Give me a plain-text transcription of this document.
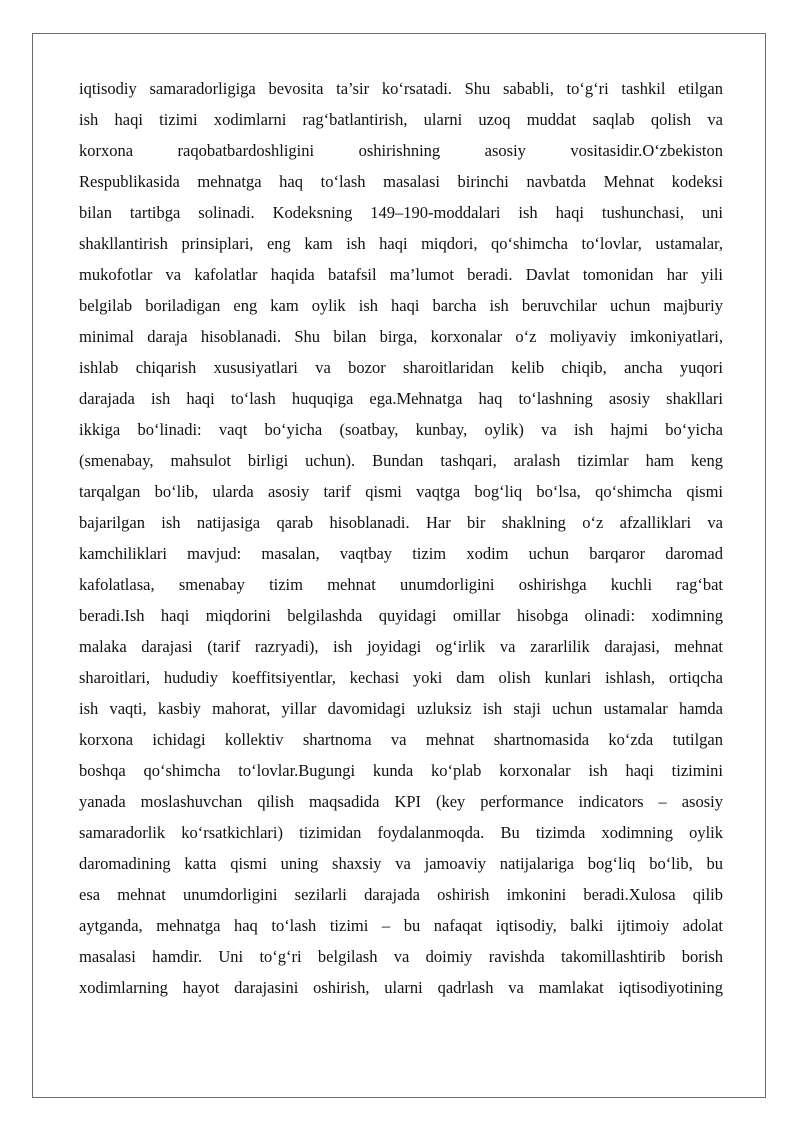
iqtisodiy samaradorligiga bevosita ta’sir ko‘rsatadi. Shu sababli, to‘g‘ri tashkil etilgan
ish haqi tizimi xodimlarni rag‘batlantirish, ularni uzoq muddat saqlab qolish va
korxona raqobatbardoshligini oshirishning asosiy vositasidir.O‘zbekiston
Respublikasida mehnatga haq to‘lash masalasi birinchi navbatda Mehnat kodeksi
bilan tartibga solinadi. Kodeksning 149–190-moddalari ish haqi tushunchasi, uni
shakllantirish prinsiplari, eng kam ish haqi miqdori, qo‘shimcha to‘lovlar, ustamalar,
mukofotlar va kafolatlar haqida batafsil ma’lumot beradi. Davlat tomonidan har yili
belgilab boriladigan eng kam oylik ish haqi barcha ish beruvchilar uchun majburiy
minimal daraja hisoblanadi. Shu bilan birga, korxonalar o‘z moliyaviy imkoniyatlari,
ishlab chiqarish xususiyatlari va bozor sharoitlaridan kelib chiqib, ancha yuqori
darajada ish haqi to‘lash huquqiga ega.Mehnatga haq to‘lashning asosiy shakllari
ikkiga bo‘linadi: vaqt bo‘yicha (soatbay, kunbay, oylik) va ish hajmi bo‘yicha
(smenabay, mahsulot birligi uchun). Bundan tashqari, aralash tizimlar ham keng
tarqalgan bo‘lib, ularda asosiy tarif qismi vaqtga bog‘liq bo‘lsa, qo‘shimcha qismi
bajarilgan ish natijasiga qarab hisoblanadi. Har bir shaklning o‘z afzalliklari va
kamchiliklari mavjud: masalan, vaqtbay tizim xodim uchun barqaror daromad
kafolatlasa, smenabay tizim mehnat unumdorligini oshirishga kuchli rag‘bat
beradi.Ish haqi miqdorini belgilashda quyidagi omillar hisobga olinadi: xodimning
malaka darajasi (tarif razryadi), ish joyidagi og‘irlik va zararlilik darajasi, mehnat
sharoitlari, hududiy koeffitsiyentlar, kechasi yoki dam olish kunlari ishlash, ortiqcha
ish vaqti, kasbiy mahorat, yillar davomidagi uzluksiz ish staji uchun ustamalar hamda
korxona ichidagi kollektiv shartnoma va mehnat shartnomasida ko‘zda tutilgan
boshqa qo‘shimcha to‘lovlar.Bugungi kunda ko‘plab korxonalar ish haqi tizimini
yanada moslashuvchan qilish maqsadida KPI (key performance indicators – asosiy
samaradorlik ko‘rsatkichlari) tizimidan foydalanmoqda. Bu tizimda xodimning oylik
daromadining katta qismi uning shaxsiy va jamoaviy natijalariga bog‘liq bo‘lib, bu
esa mehnat unumdorligini sezilarli darajada oshirish imkonini beradi.Xulosa qilib
aytganda, mehnatga haq to‘lash tizimi – bu nafaqat iqtisodiy, balki ijtimoiy adolat
masalasi hamdir. Uni to‘g‘ri belgilash va doimiy ravishda takomillashtirib borish
xodimlarning hayot darajasini oshirish, ularni qadrlash va mamlakat iqtisodiyotining
